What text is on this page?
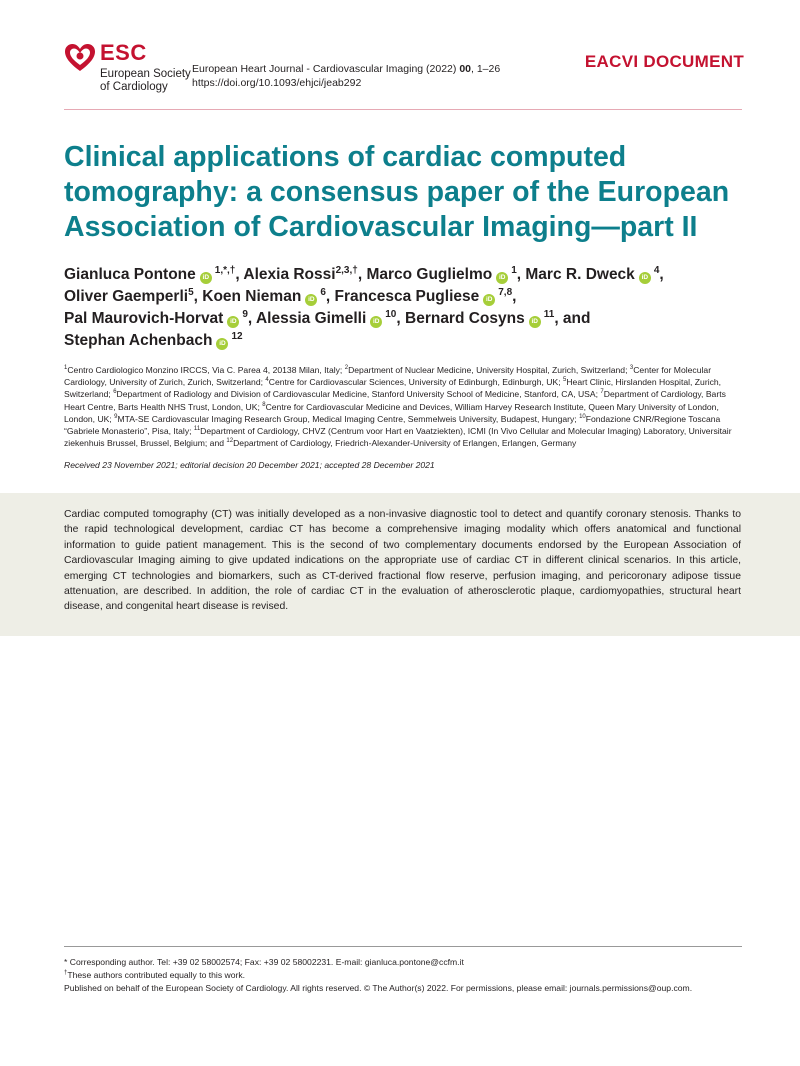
ESC
European Society
of Cardiology
European Heart Journal - Cardiovascular Imaging (2022) 00, 1–26
https://doi.org/10.1093/ehjci/jeab292
EACVI DOCUMENT
Clinical applications of cardiac computed tomography: a consensus paper of the European Association of Cardiovascular Imaging—part II
Gianluca Pontone $iD^{1,*,\dagger}$, Alexia Rossi$^{2,3,\dagger}$, Marco Guglielmo $iD^1$, Marc R. Dweck $iD^4$,
Oliver Gaemperli$^5$, Koen Nieman $iD^6$, Francesca Pugliese iD$^{7,8}$,
Pal Maurovich-Horvat $iD^9$, Alessia Gimelli $iD^{10}$, Bernard Cosyns $iD^{11}$, and
Stephan Achenbach $iD^{12}$
$^1$Centro Cardiologico Monzino IRCCS, Via C. Parea 4, 20138 Milan, Italy; $^2$Department of Nuclear Medicine, University Hospital, Zurich, Switzerland; $^3$Center for Molecular Cardiology, University of Zurich, Zurich, Switzerland; $^4$Centre for Cardiovascular Sciences, University of Edinburgh, Edinburgh, UK; $^5$Heart Clinic, Hirslanden Hospital, Zurich, Switzerland; $^6$Department of Radiology and Division of Cardiovascular Medicine, Stanford University School of Medicine, Stanford, CA, USA; $^7$Department of Cardiology, Barts Heart Centre, Barts Health NHS Trust, London, UK; $^8$Centre for Cardiovascular Medicine and Devices, William Harvey Research Institute, Queen Mary University of London, London, UK; $^9$MTA-SE Cardiovascular Imaging Research Group, Medical Imaging Centre, Semmelweis University, Budapest, Hungary; $^{10}$Fondazione CNR/Regione Toscana “Gabriele Monasterio”, Pisa, Italy; $^{11}$Department of Cardiology, CHVZ (Centrum voor Hart en Vaatziekten), ICMI (In Vivo Cellular and Molecular Imaging) Laboratory, Universitair ziekenhuis Brussel, Brussel, Belgium; and $^{12}$Department of Cardiology, Friedrich-Alexander-University of Erlangen, Erlangen, Germany
Received 23 November 2021; editorial decision 20 December 2021; accepted 28 December 2021
Cardiac computed tomography (CT) was initially developed as a non-invasive diagnostic tool to detect and quantify coronary stenosis. Thanks to the rapid technological development, cardiac CT has become a comprehensive imaging modality which offers anatomical and functional information to guide patient management. This is the second of two complementary documents endorsed by the European Association of Cardiovascular Imaging aiming to give updated indications on the appropriate use of cardiac CT in different clinical scenarios. In this article, emerging CT technologies and biomarkers, such as CT-derived fractional flow reserve, perfusion imaging, and pericoronary adipose tissue attenuation, are described. In addition, the role of cardiac CT in the evaluation of atherosclerotic plaque, cardiomyopathies, structural heart disease, and congenital heart disease is revised.
* Corresponding author. Tel: +39 02 58002574; Fax: +39 02 58002231. E-mail: gianluca.pontone@ccfm.it
†These authors contributed equally to this work.
Published on behalf of the European Society of Cardiology. All rights reserved. © The Author(s) 2022. For permissions, please email: journals.permissions@oup.com.
